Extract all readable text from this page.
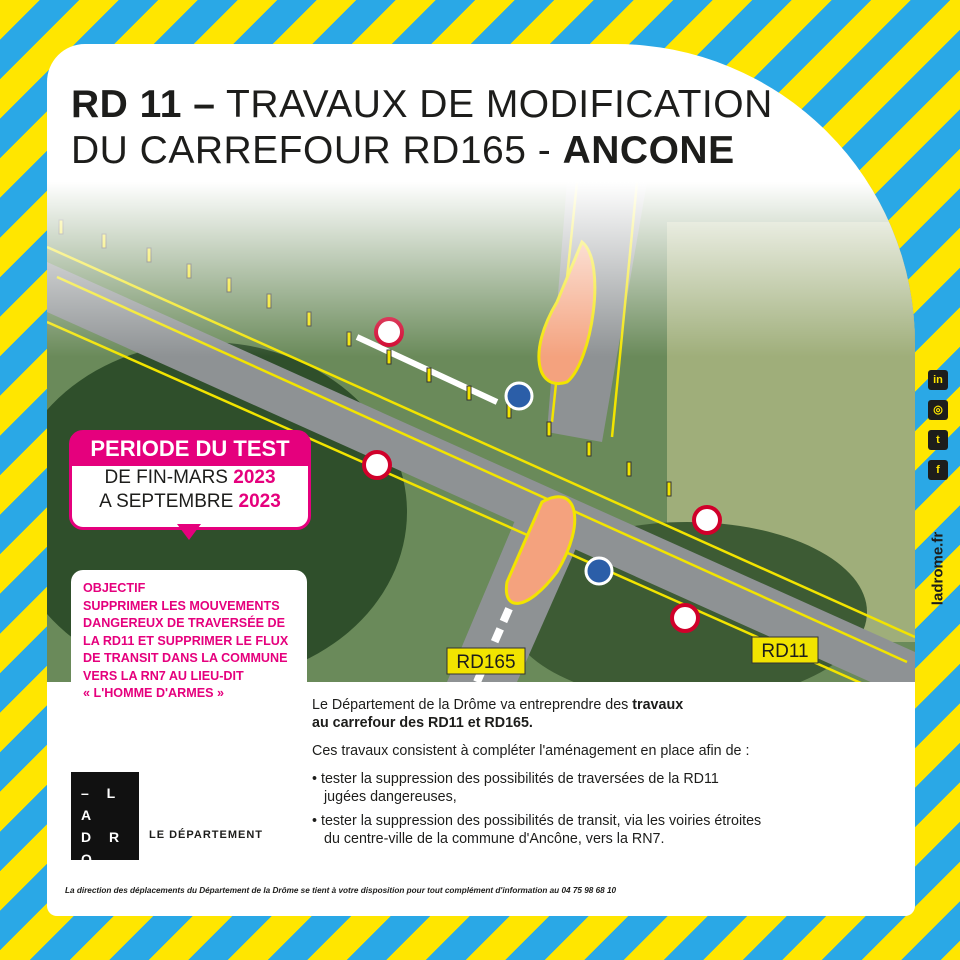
RD 11 – TRAVAUX DE MODIFICATION
DU CARREFOUR RD165 - ANCONE
RD165
RD11
PERIODE DU TEST
DE FIN-MARS 2023
A SEPTEMBRE 2023
OBJECTIF
SUPPRIMER LES MOUVEMENTS
DANGEREUX DE TRAVERSÉE DE
LA RD11 ET SUPPRIMER LE FLUX
DE TRANSIT DANS LA COMMUNE
VERS LA RN7 AU LIEU-DIT
« L'HOMME D'ARMES »

Le Département de la Drôme va entreprendre des travaux
au carrefour des RD11 et RD165.

Ces travaux consistent à compléter l'aménagement en place afin de :

• tester la suppression des possibilités de traversées de la RD11
jugées dangereuses,
• tester la suppression des possibilités de transit, via les voiries étroites
du centre-ville de la commune d'Ancône, vers la RN7.
– L A
D R O
M E –
LE DÉPARTEMENT
La direction des déplacements du Département de la Drôme se tient à votre disposition pour tout complément d'information au 04 75 98 68 10
in
◎
t
f
ladrome.fr
